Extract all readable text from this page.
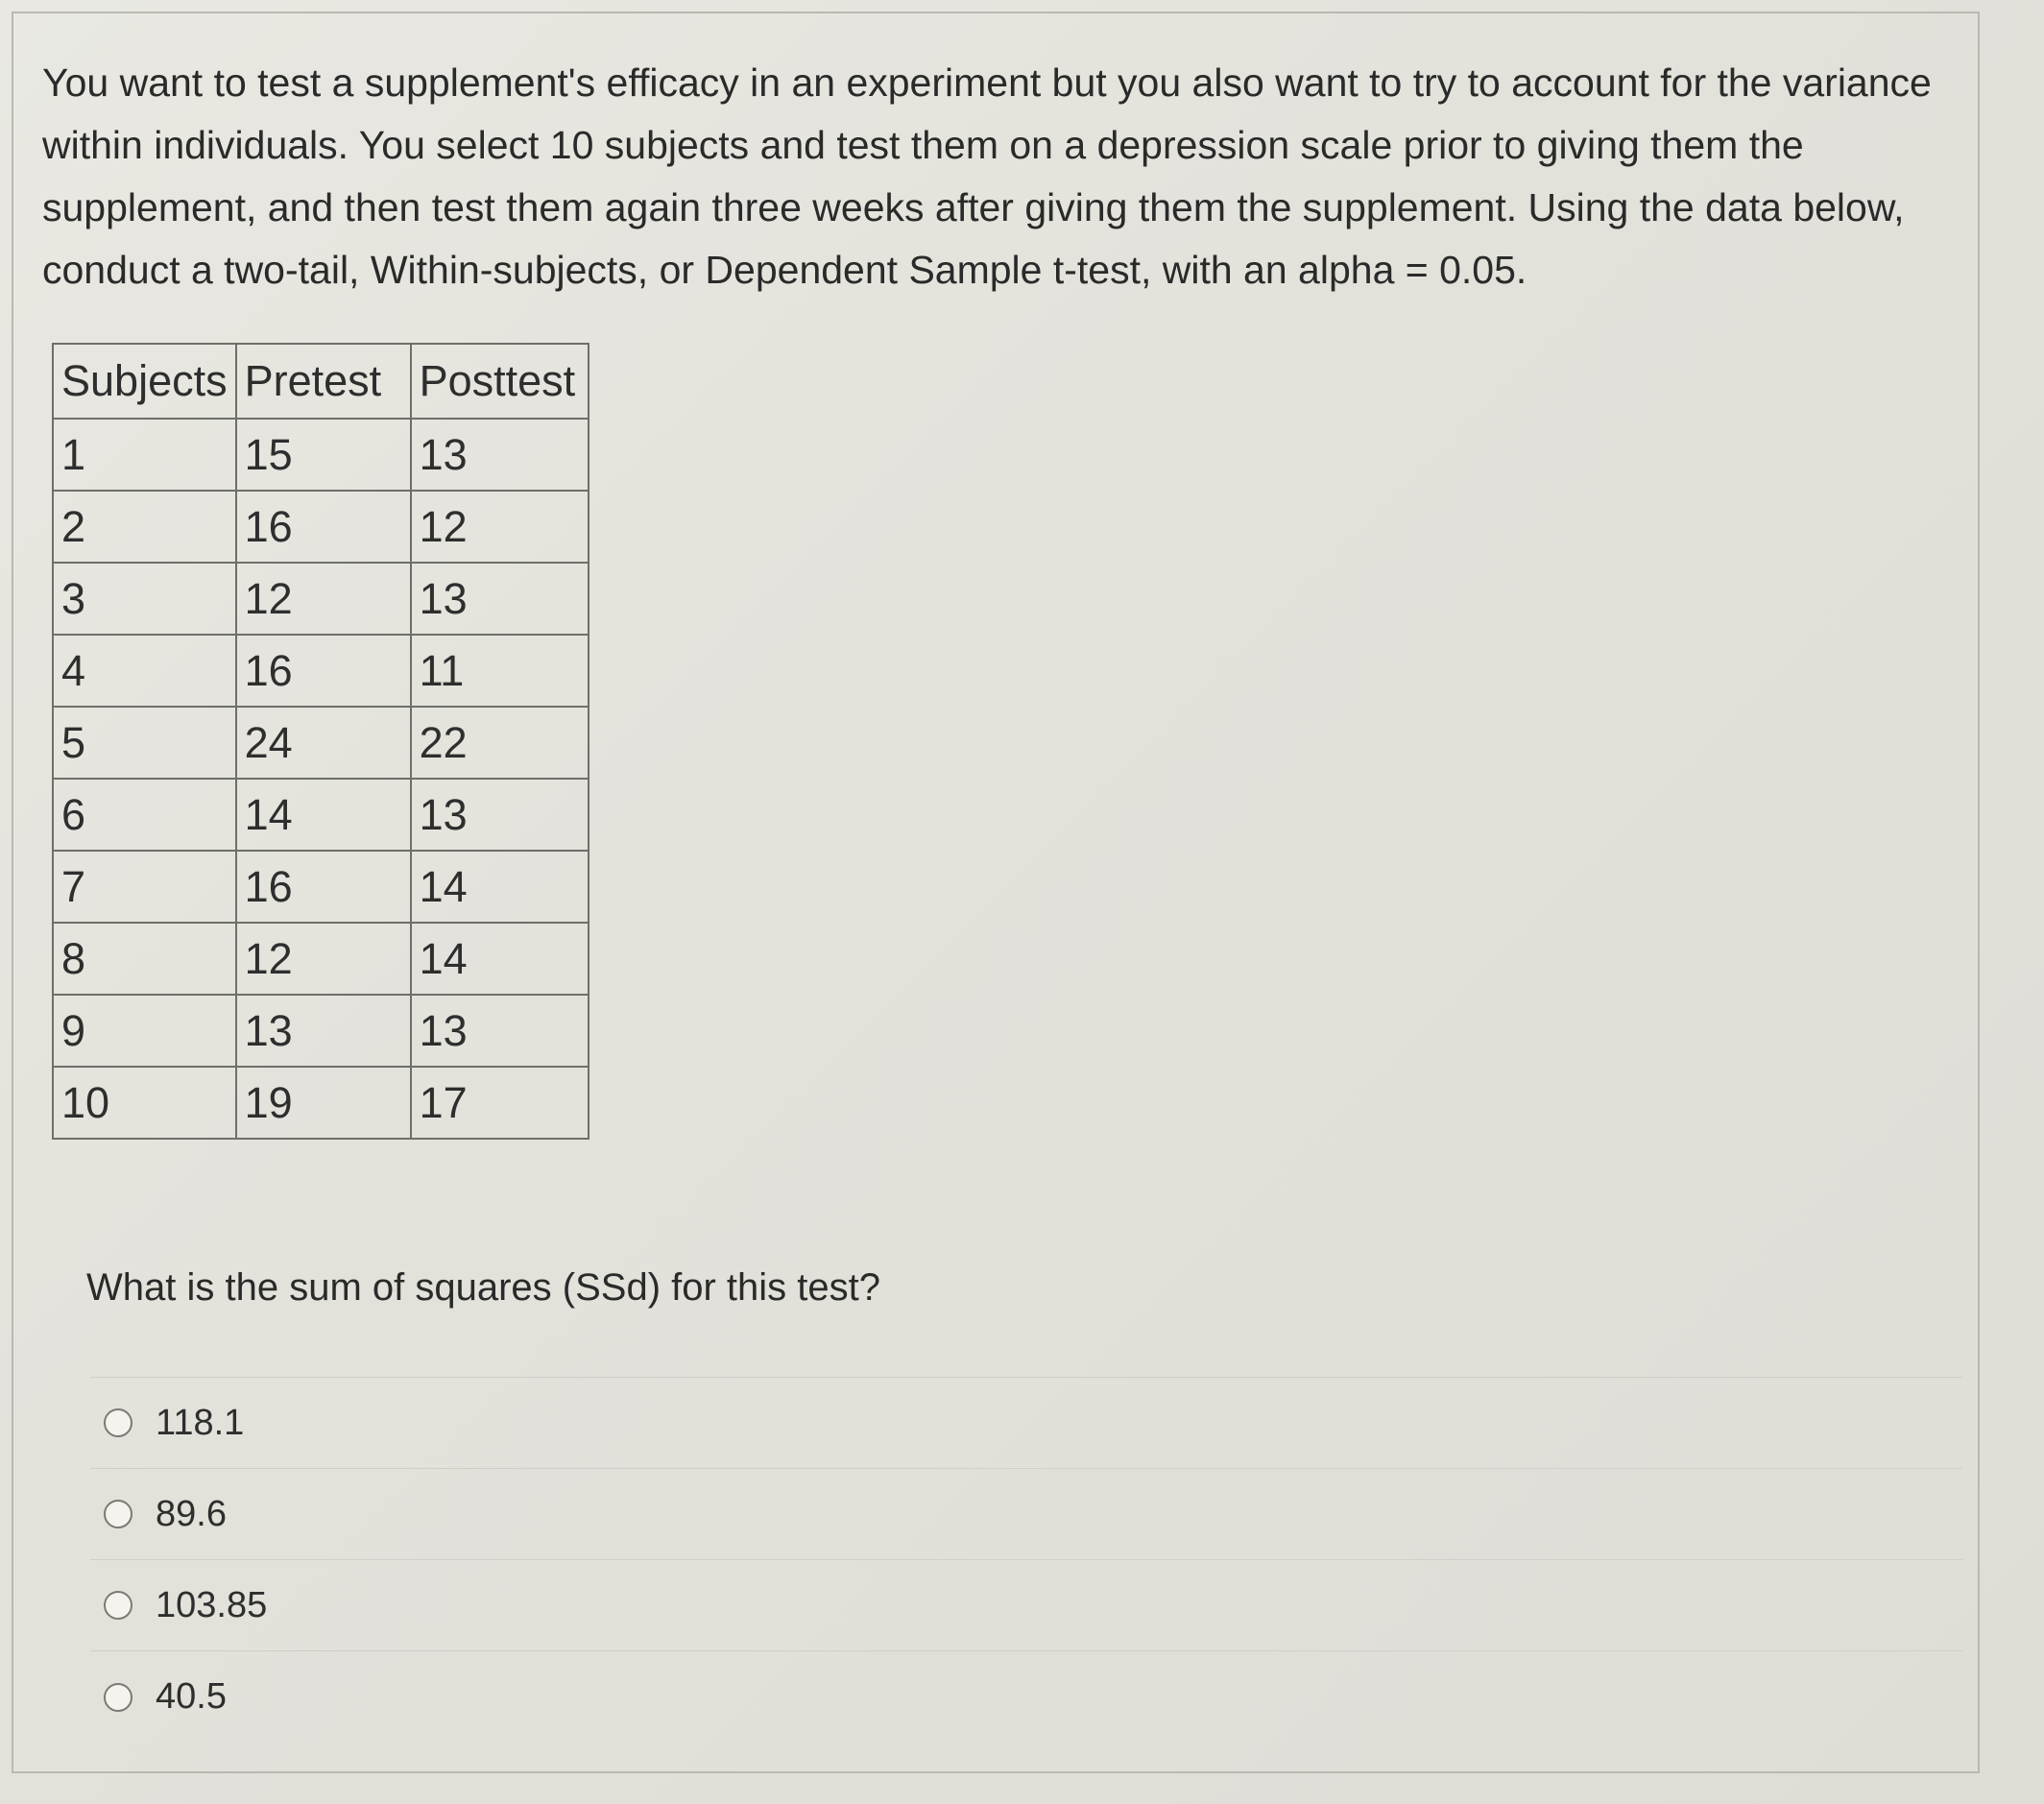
You want to test a supplement's efficacy in an experiment but you also want to try to account for the variance within individuals. You select 10 subjects and test them on a depression scale prior to giving them the supplement, and then test them again three weeks after giving them the supplement. Using the data below, conduct a two-tail, Within-subjects, or Dependent Sample t-test, with an alpha = 0.05.

Subjects	Pretest	Posttest
1	15	13
2	16	12
3	12	13
4	16	11
5	24	22
6	14	13
7	16	14
8	12	14
9	13	13
10	19	17

What is the sum of squares (SSd) for this test?

118.1
89.6
103.85
40.5
